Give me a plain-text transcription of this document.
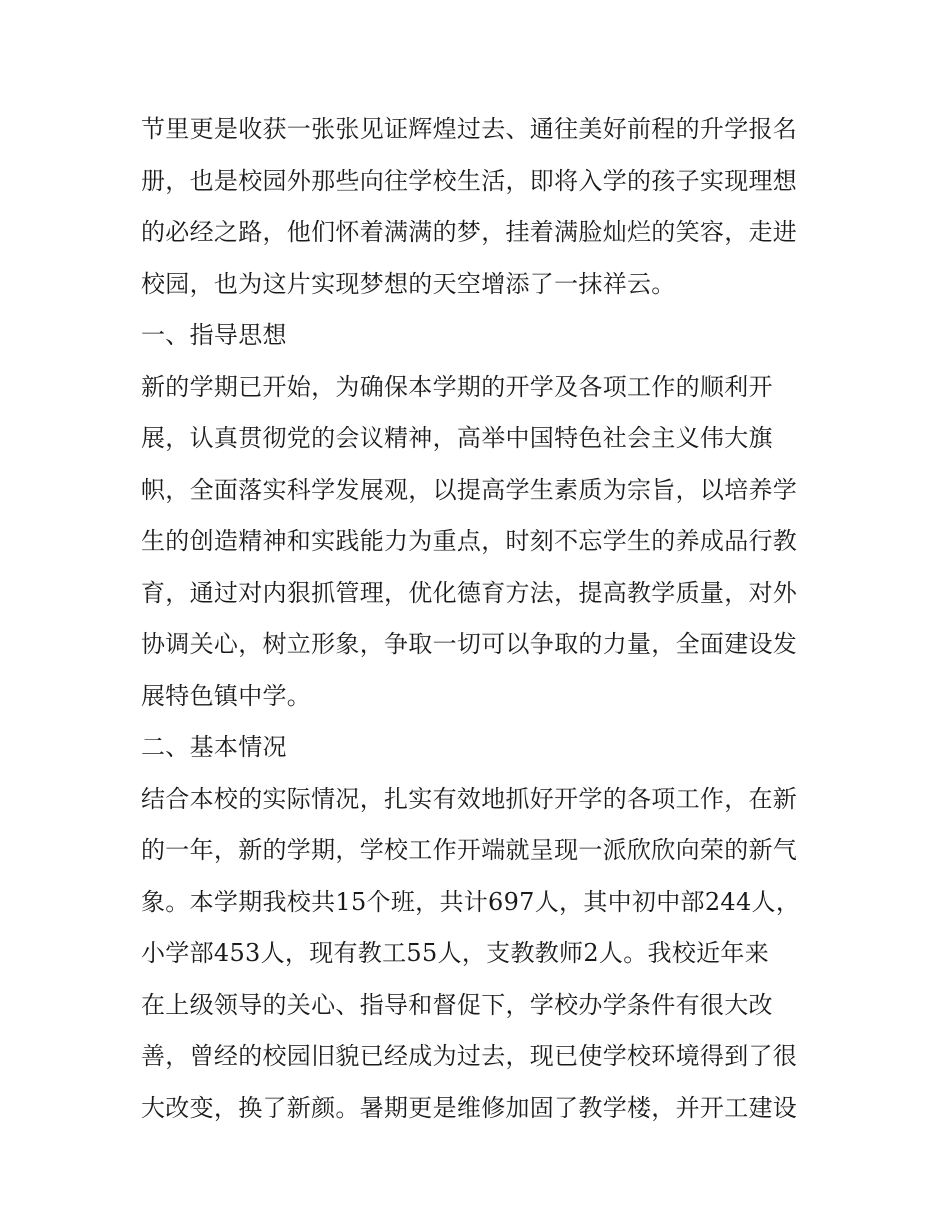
节里更是收获一张张见证辉煌过去、通往美好前程的升学报名
册，也是校园外那些向往学校生活，即将入学的孩子实现理想
的必经之路，他们怀着满满的梦，挂着满脸灿烂的笑容，走进
校园，也为这片实现梦想的天空增添了一抹祥云。
一、指导思想
新的学期已开始，为确保本学期的开学及各项工作的顺利开
展，认真贯彻党的会议精神，高举中国特色社会主义伟大旗
帜，全面落实科学发展观，以提高学生素质为宗旨，以培养学
生的创造精神和实践能力为重点，时刻不忘学生的养成品行教
育，通过对内狠抓管理，优化德育方法，提高教学质量，对外
协调关心，树立形象，争取一切可以争取的力量，全面建设发
展特色镇中学。
二、基本情况
结合本校的实际情况，扎实有效地抓好开学的各项工作，在新
的一年，新的学期，学校工作开端就呈现一派欣欣向荣的新气
象。本学期我校共15个班，共计697人，其中初中部244人，
小学部453人，现有教工55人，支教教师2人。我校近年来
在上级领导的关心、指导和督促下，学校办学条件有很大改
善，曾经的校园旧貌已经成为过去，现已使学校环境得到了很
大改变，换了新颜。暑期更是维修加固了教学楼，并开工建设
